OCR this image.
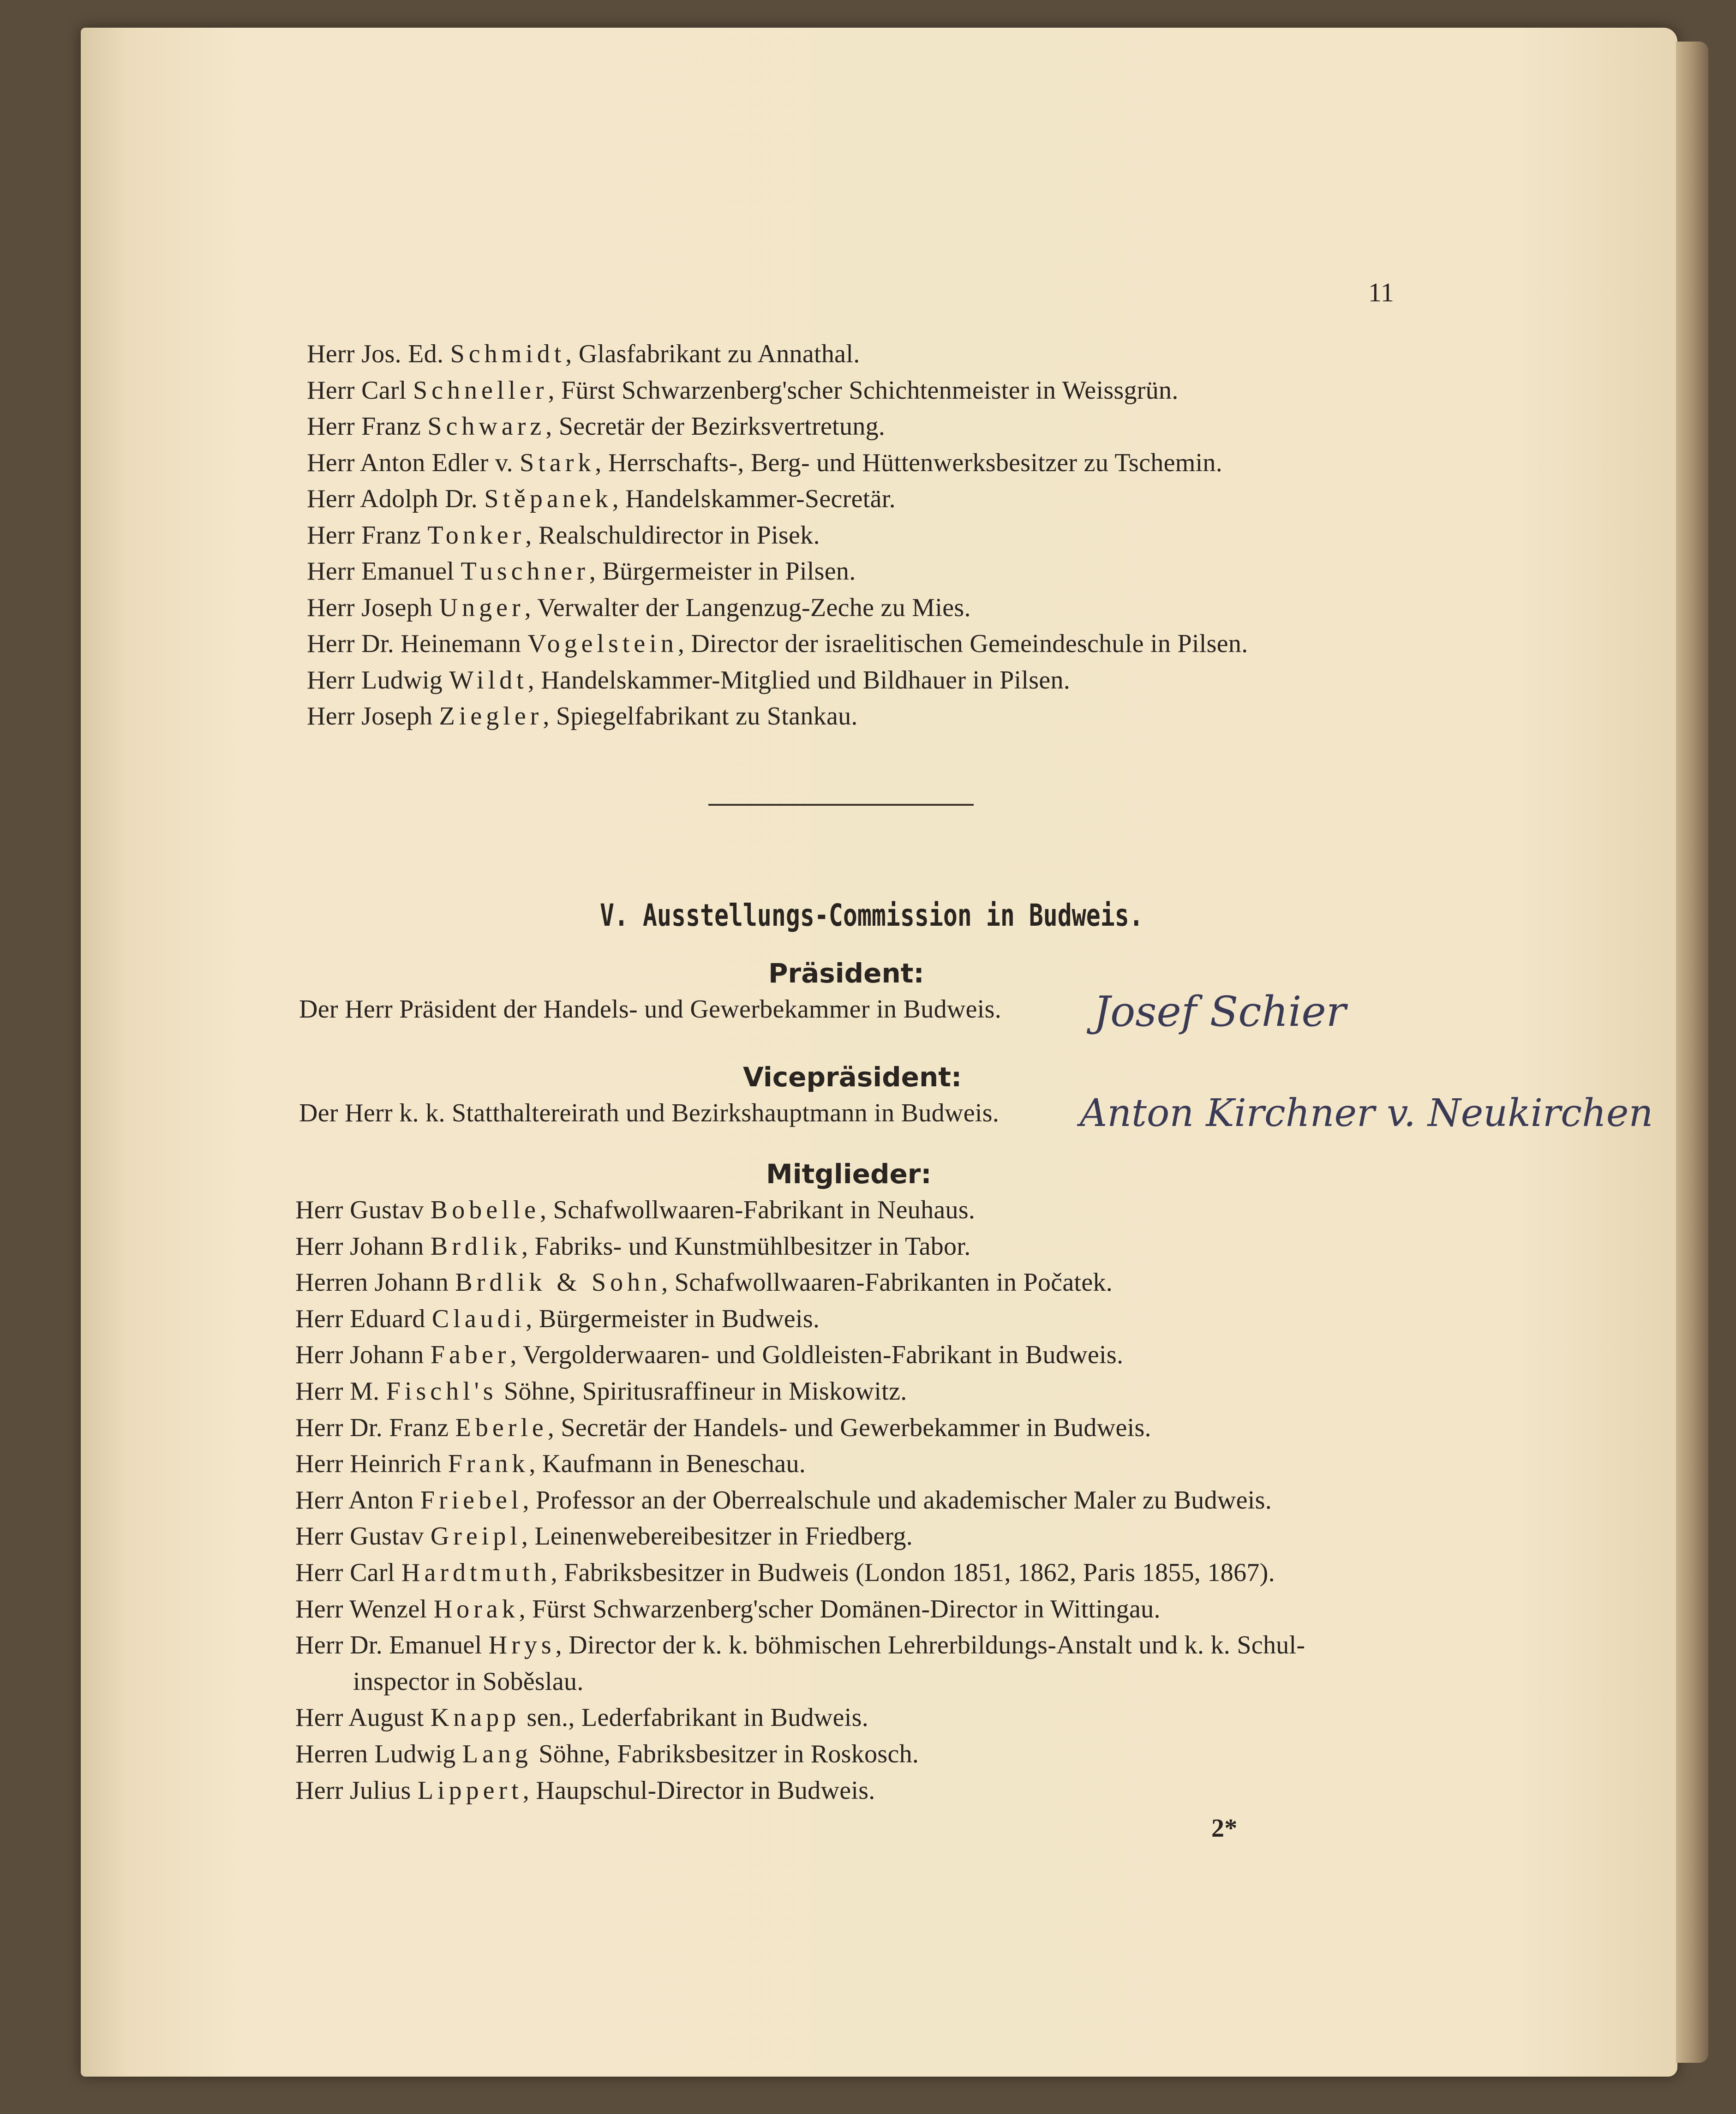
11
Herr Jos. Ed. Schmidt, Glasfabrikant zu Annathal.
Herr Carl Schneller, Fürst Schwarzenberg'scher Schichtenmeister in Weissgrün.
Herr Franz Schwarz, Secretär der Bezirksvertretung.
Herr Anton Edler v. Stark, Herrschafts-, Berg- und Hüttenwerksbesitzer zu Tschemin.
Herr Adolph Dr. Stěpanek, Handelskammer-Secretär.
Herr Franz Tonker, Realschuldirector in Pisek.
Herr Emanuel Tuschner, Bürgermeister in Pilsen.
Herr Joseph Unger, Verwalter der Langenzug-Zeche zu Mies.
Herr Dr. Heinemann Vogelstein, Director der israelitischen Gemeindeschule in Pilsen.
Herr Ludwig Wildt, Handelskammer-Mitglied und Bildhauer in Pilsen.
Herr Joseph Ziegler, Spiegelfabrikant zu Stankau.
V. Ausstellungs-Commission in Budweis.
Präsident:
Der Herr Präsident der Handels- und Gewerbekammer in Budweis. Josef Schier
Vicepräsident:
Der Herr k. k. Statthaltereirath und Bezirkshauptmann in Budweis. Anton Kirchner v. Neukirchen
Mitglieder:
Herr Gustav Bobelle, Schafwollwaaren-Fabrikant in Neuhaus.
Herr Johann Brdlik, Fabriks- und Kunstmühlbesitzer in Tabor.
Herren Johann Brdlik & Sohn, Schafwollwaaren-Fabrikanten in Počatek.
Herr Eduard Claudi, Bürgermeister in Budweis.
Herr Johann Faber, Vergolderwaaren- und Goldleisten-Fabrikant in Budweis.
Herr M. Fischl's Söhne, Spiritusraffineur in Miskowitz.
Herr Dr. Franz Eberle, Secretär der Handels- und Gewerbekammer in Budweis.
Herr Heinrich Frank, Kaufmann in Beneschau.
Herr Anton Friebel, Professor an der Oberrealschule und akademischer Maler zu Budweis.
Herr Gustav Greipl, Leinenwebereibesitzer in Friedberg.
Herr Carl Hardtmuth, Fabriksbesitzer in Budweis (London 1851, 1862, Paris 1855, 1867).
Herr Wenzel Horak, Fürst Schwarzenberg'scher Domänen-Director in Wittingau.
Herr Dr. Emanuel Hrys, Director der k. k. böhmischen Lehrerbildungs-Anstalt und k. k. Schul-
inspector in Soběslau.
Herr August Knapp sen., Lederfabrikant in Budweis.
Herren Ludwig Lang Söhne, Fabriksbesitzer in Roskosch.
Herr Julius Lippert, Haupschul-Director in Budweis.
2*
